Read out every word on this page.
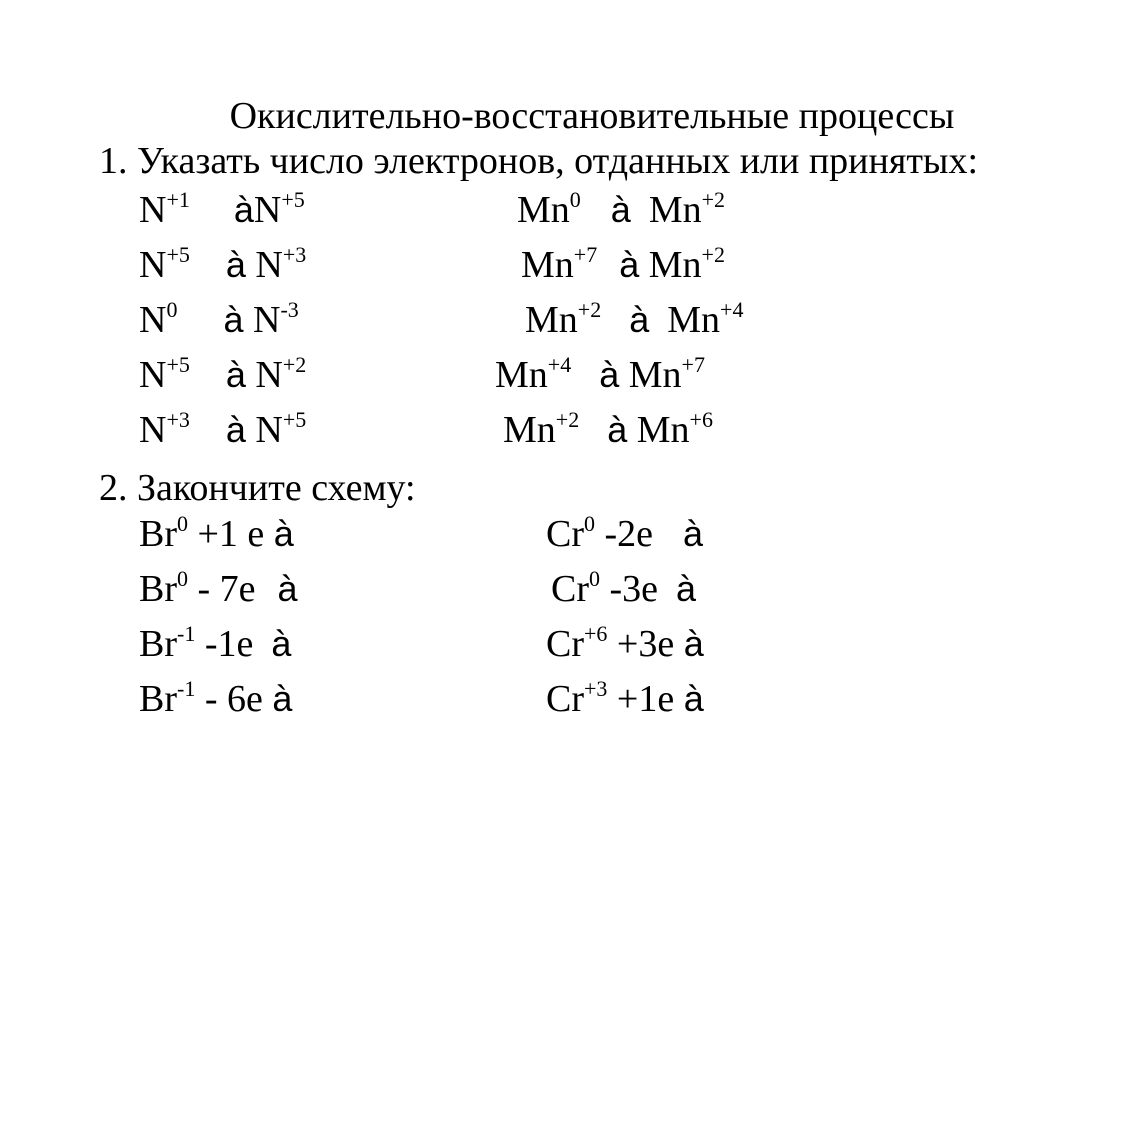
Окислительно-восстановительные процессы
1. Указать число электронов, отданных или принятых:
$N^{+1}$ $àN^{+5}$
$N^{+5}$ à $N^{+3}$
$N^0$ à $N^{-3}$
$N^{+5}$ à $N^{+2}$
$N^{+3}$ à $N^{+5}$
Mn$^0$ à $Mn^{+2}$
$Mn^{+7}$ à $Mn^{+2}$
$Mn^{+2}$ à $Mn^{+4}$
$Mn^{+4}$ à $Mn^{+7}$
$Mn^{+2}$ à $Mn^{+6}$
2. Закончите схему:
$Br^0 +1$ e à
Br$^0$ - 7e à
$Br^{-1}$ -1e à
$Br^{-1} - 6e$ à
Cr$^0$ -2e à
Cr$^0$ -3e à
$Cr^{+6} +3e$ à
$Cr^{+3} +1e$ à
